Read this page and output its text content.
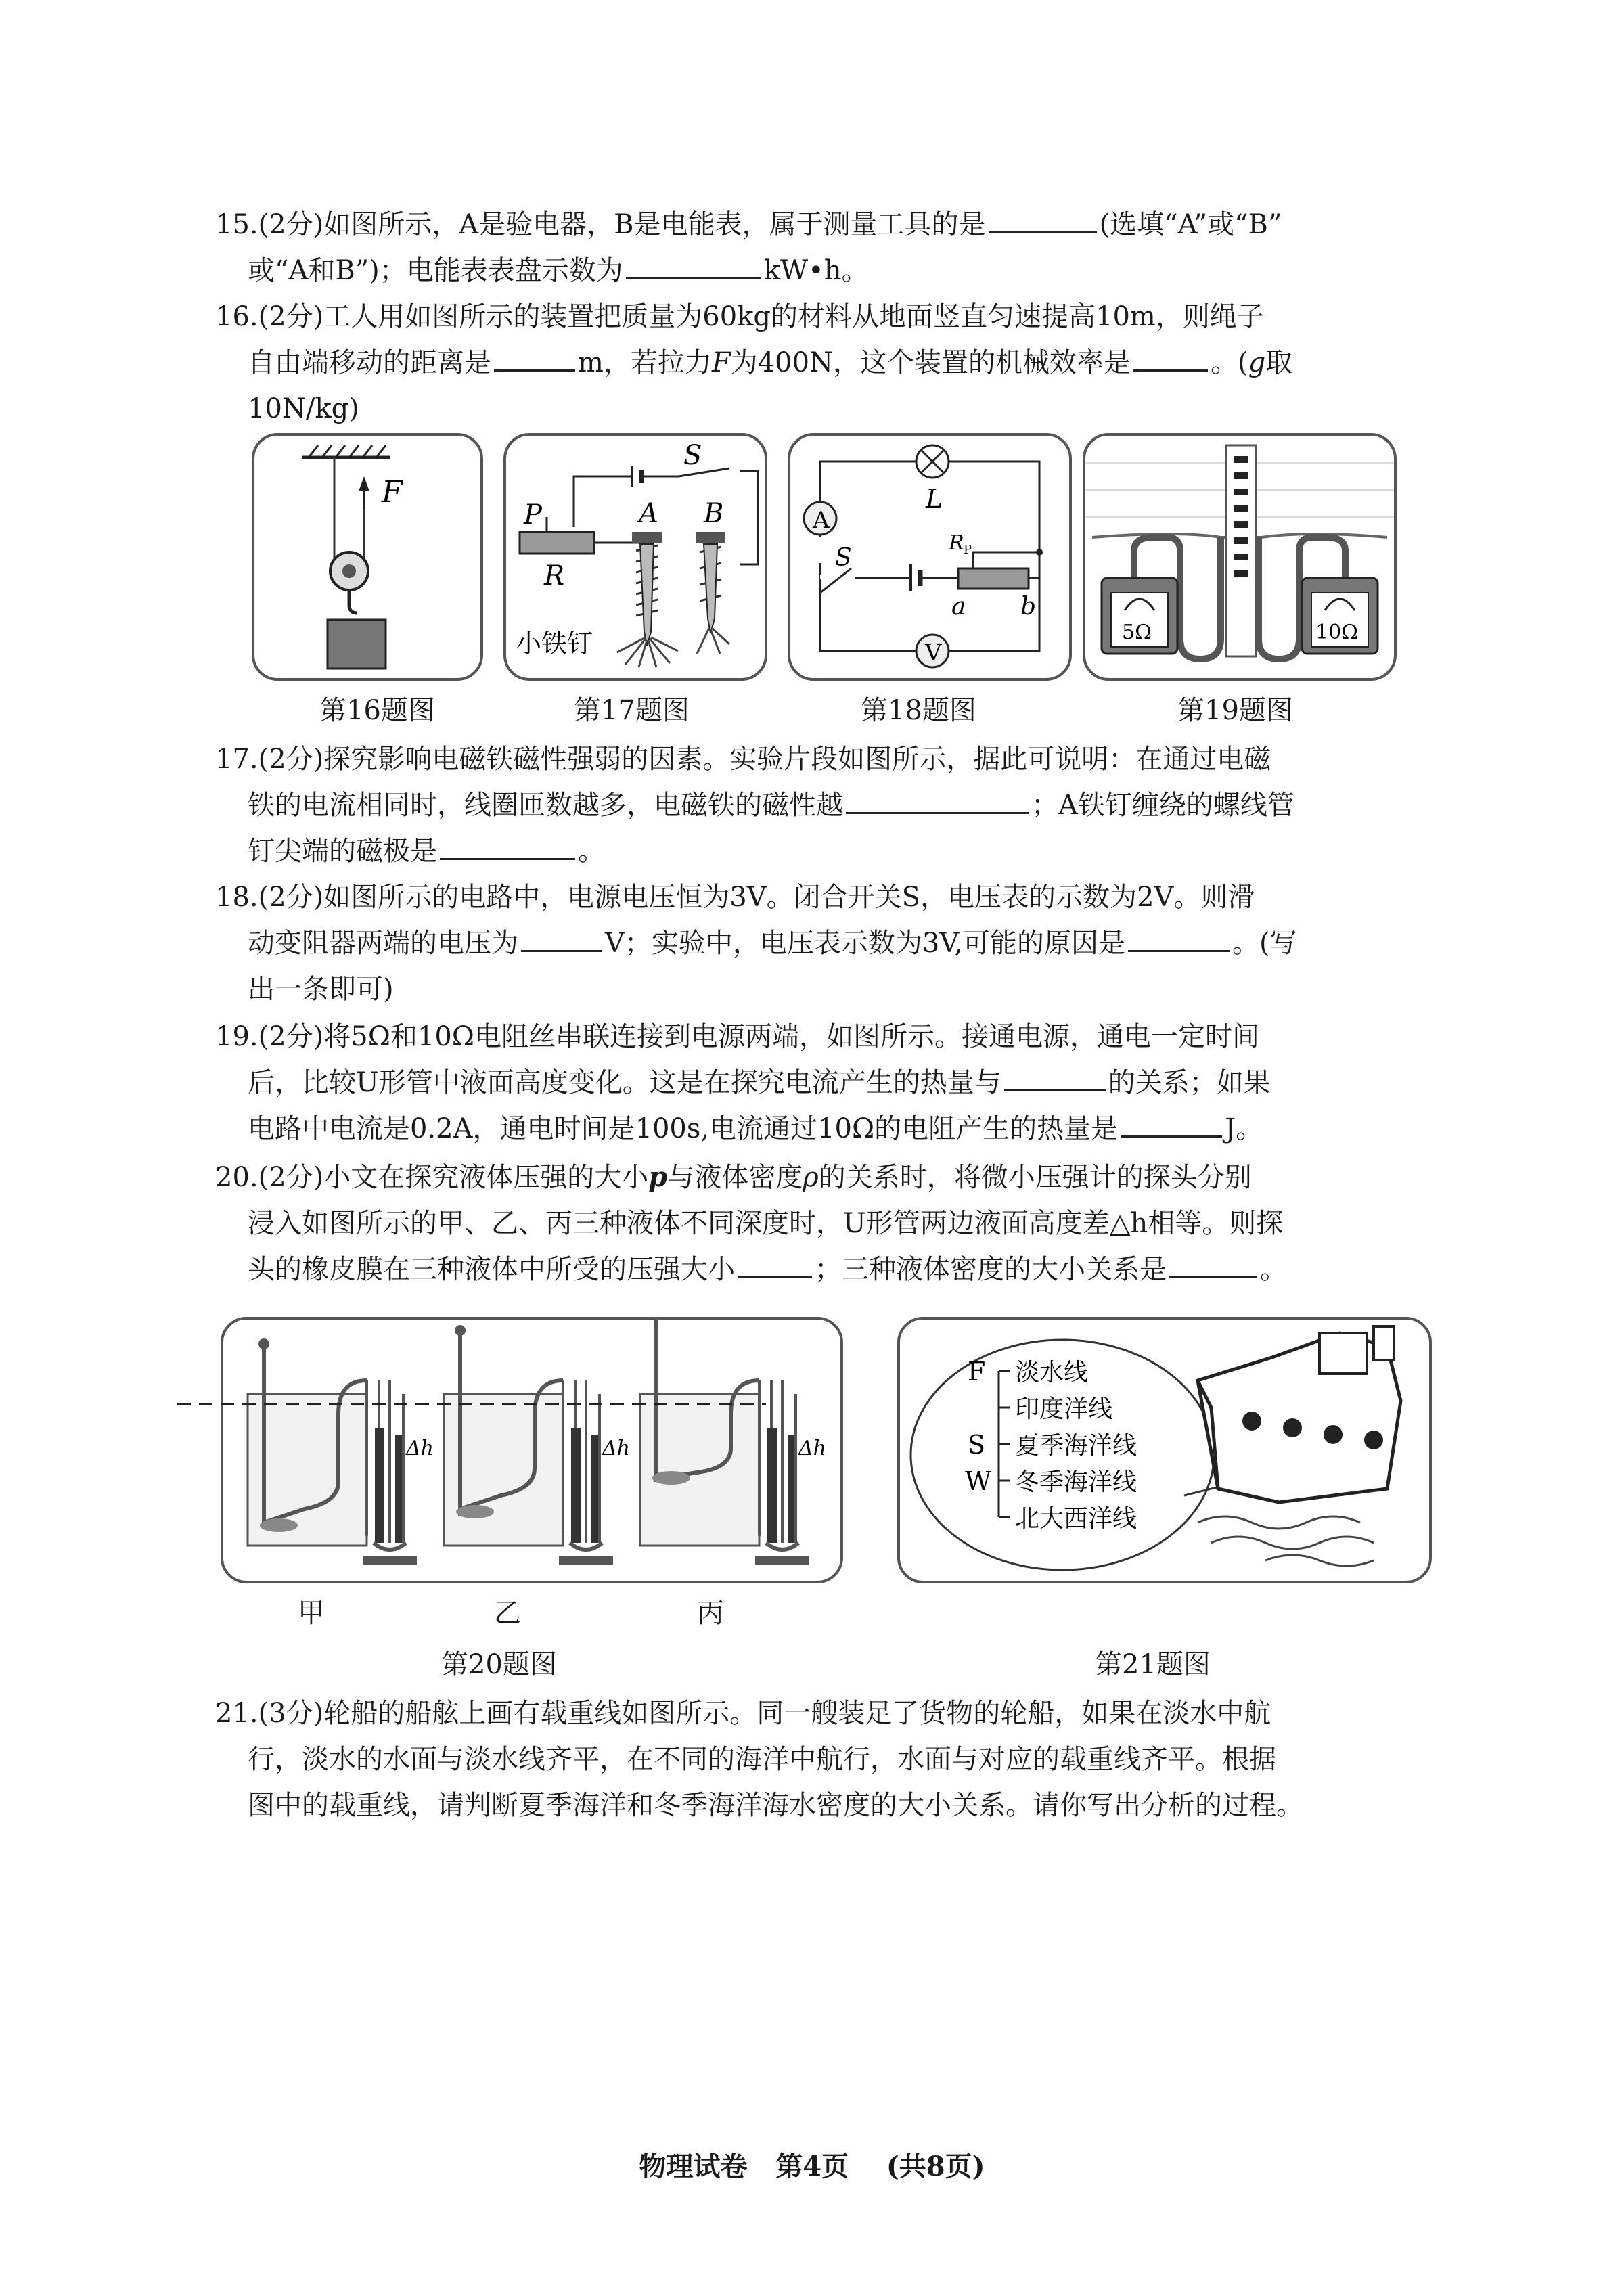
15.(2分)如图所示，A是验电器，B是电能表，属于测量工具的是	(选填“A”或“B”
或“A和B”)；电能表表盘示数为	kW•h。
16.(2分)工人用如图所示的装置把质量为60kg的材料从地面竖直匀速提高10m，则绳子
自由端移动的距离是	m，若拉力F为400N，这个装置的机械效率是	。(g取
10N/kg)
F
S
P
R
A B
小铁钉
A
L
S
R P
a b
V
5Ω	10Ω
第16题图	第17题图	第18题图	第19题图
17.(2分)探究影响电磁铁磁性强弱的因素。实验片段如图所示，据此可说明：在通过电磁
铁的电流相同时，线圈匝数越多，电磁铁的磁性越	；A铁钉缠绕的螺线管
钉尖端的磁极是	。
18.(2分)如图所示的电路中，电源电压恒为3V。闭合开关S，电压表的示数为2V。则滑
动变阻器两端的电压为	V；实验中，电压表示数为3V,可能的原因是	。(写
出一条即可)
19.(2分)将5Ω和10Ω电阻丝串联连接到电源两端，如图所示。接通电源，通电一定时间
后，比较U形管中液面高度变化。这是在探究电流产生的热量与	的关系；如果
电路中电流是0.2A，通电时间是100s,电流通过10Ω的电阻产生的热量是	J。
20.(2分)小文在探究液体压强的大小p与液体密度ρ的关系时，将微小压强计的探头分别
浸入如图所示的甲、乙、丙三种液体不同深度时，U形管两边液面高度差△h相等。则探
头的橡皮膜在三种液体中所受的压强大小	；三种液体密度的大小关系是	。
Δh	Δh	Δh
甲	乙	丙
第20题图
F
S
W
淡水线
印度洋线
夏季海洋线
冬季海洋线
北大西洋线
第21题图
21.(3分)轮船的船舷上画有载重线如图所示。同一艘装足了货物的轮船，如果在淡水中航
行，淡水的水面与淡水线齐平，在不同的海洋中航行，水面与对应的载重线齐平。根据
图中的载重线，请判断夏季海洋和冬季海洋海水密度的大小关系。请你写出分析的过程。
物理试卷 第4页 (共8页)
